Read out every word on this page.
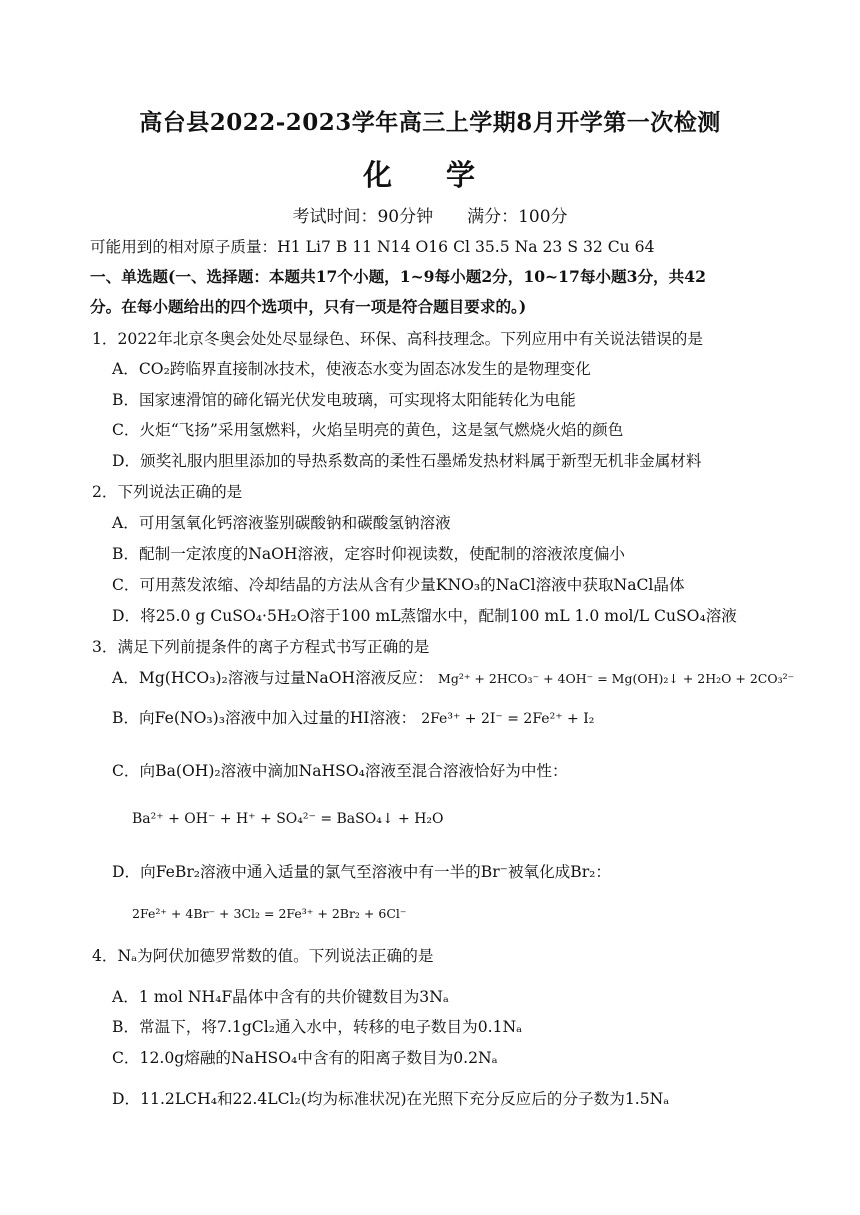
高台县2022-2023学年高三上学期8月开学第一次检测
化 学
考试时间：90分钟 满分：100分
可能用到的相对原子质量：H1 Li7 B 11 N14 O16 Cl 35.5 Na 23 S 32 Cu 64
一、单选题(一、选择题：本题共17个小题，1~9每小题2分，10~17每小题3分，共42
分。在每小题给出的四个选项中，只有一项是符合题目要求的。)
1．2022年北京冬奥会处处尽显绿色、环保、高科技理念。下列应用中有关说法错误的是
A．CO₂跨临界直接制冰技术，使液态水变为固态冰发生的是物理变化
B．国家速滑馆的碲化镉光伏发电玻璃，可实现将太阳能转化为电能
C．火炬“飞扬”采用氢燃料，火焰呈明亮的黄色，这是氢气燃烧火焰的颜色
D．颁奖礼服内胆里添加的导热系数高的柔性石墨烯发热材料属于新型无机非金属材料
2．下列说法正确的是
A．可用氢氧化钙溶液鉴别碳酸钠和碳酸氢钠溶液
B．配制一定浓度的NaOH溶液，定容时仰视读数，使配制的溶液浓度偏小
C．可用蒸发浓缩、冷却结晶的方法从含有少量KNO₃的NaCl溶液中获取NaCl晶体
D．将25.0 g CuSO₄·5H₂O溶于100 mL蒸馏水中，配制100 mL 1.0 mol/L CuSO₄溶液
3．满足下列前提条件的离子方程式书写正确的是
A．Mg(HCO₃)₂溶液与过量NaOH溶液反应： Mg²⁺ + 2HCO₃⁻ + 4OH⁻ = Mg(OH)₂↓ + 2H₂O + 2CO₃²⁻
B．向Fe(NO₃)₃溶液中加入过量的HI溶液： 2Fe³⁺ + 2I⁻ = 2Fe²⁺ + I₂
C．向Ba(OH)₂溶液中滴加NaHSO₄溶液至混合溶液恰好为中性：
Ba²⁺ + OH⁻ + H⁺ + SO₄²⁻ = BaSO₄↓ + H₂O
D．向FeBr₂溶液中通入适量的氯气至溶液中有一半的Br⁻被氧化成Br₂：
2Fe²⁺ + 4Br⁻ + 3Cl₂ = 2Fe³⁺ + 2Br₂ + 6Cl⁻
4．Nₐ为阿伏加德罗常数的值。下列说法正确的是
A．1 mol NH₄F晶体中含有的共价键数目为3Nₐ
B．常温下，将7.1gCl₂通入水中，转移的电子数目为0.1Nₐ
C．12.0g熔融的NaHSO₄中含有的阳离子数目为0.2Nₐ
D．11.2LCH₄和22.4LCl₂(均为标准状况)在光照下充分反应后的分子数为1.5Nₐ
